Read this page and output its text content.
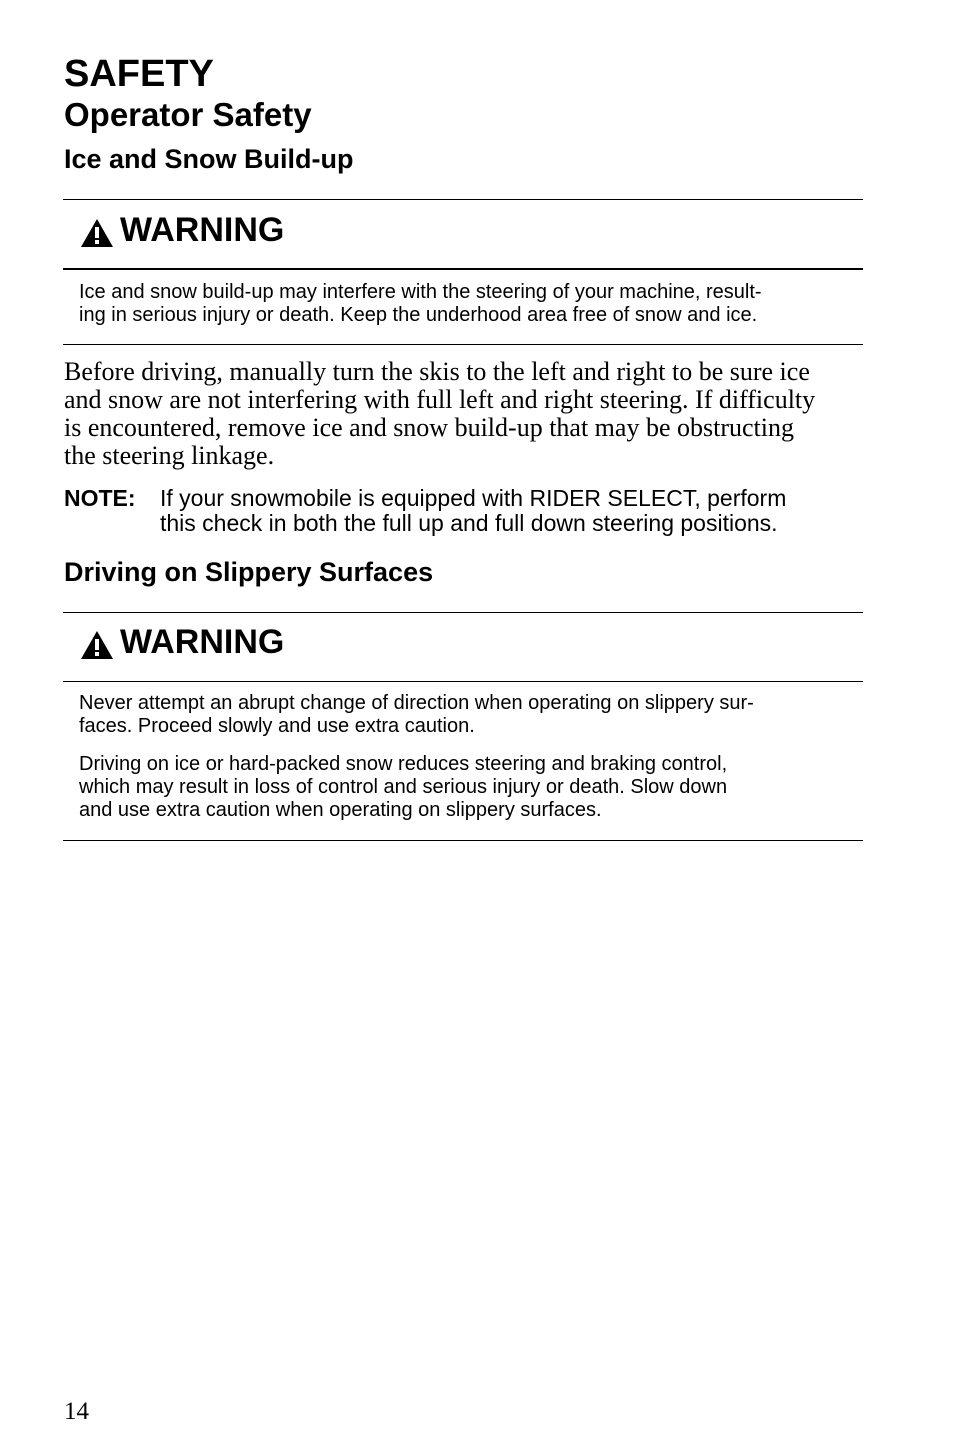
SAFETY
Operator Safety
Ice and Snow Build-up
WARNING

Ice and snow build-up may interfere with the steering of your machine, result-
ing in serious injury or death. Keep the underhood area free of snow and ice.

Before driving, manually turn the skis to the left and right to be sure ice
and snow are not interfering with full left and right steering. If difficulty
is encountered, remove ice and snow build-up that may be obstructing
the steering linkage.

NOTE: If your snowmobile is equipped with RIDER SELECT, perform
this check in both the full up and full down steering positions.
Driving on Slippery Surfaces
WARNING

Never attempt an abrupt change of direction when operating on slippery sur-
faces. Proceed slowly and use extra caution.

Driving on ice or hard-packed snow reduces steering and braking control,
which may result in loss of control and serious injury or death. Slow down
and use extra caution when operating on slippery surfaces.

14
